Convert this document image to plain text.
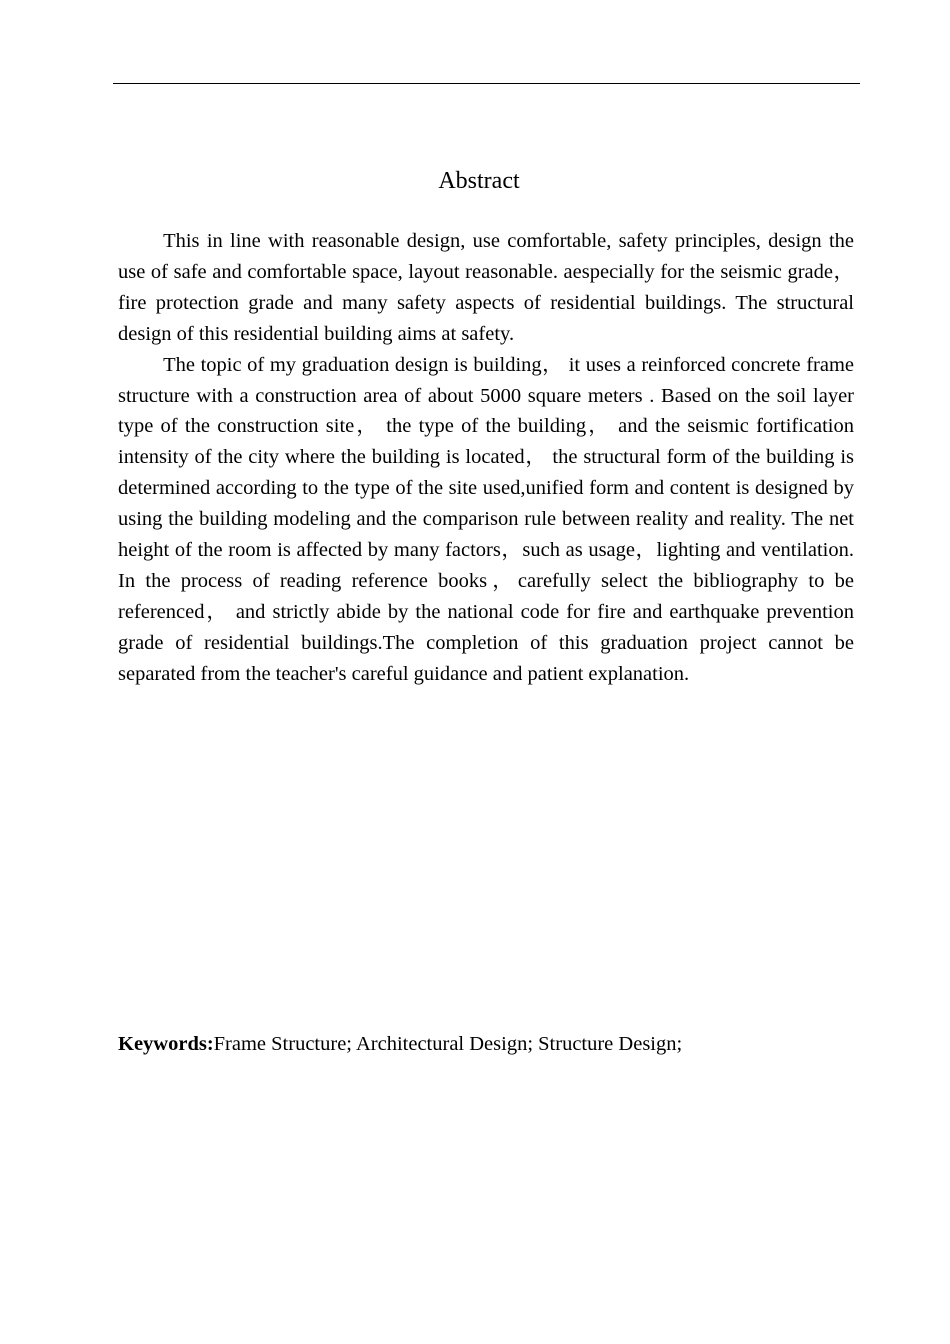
Abstract

This in line with reasonable design, use comfortable, safety principles, design the use of safe and comfortable space, layout reasonable. aespecially for the seismic grade， fire protection grade and many safety aspects of residential buildings. The structural design of this residential building aims at safety.

The topic of my graduation design is building， it uses a reinforced concrete frame structure with a construction area of about 5000 square meters . Based on the soil layer type of the construction site， the type of the building， and the seismic fortification intensity of the city where the building is located， the structural form of the building is determined according to the type of the site used,unified form and content is designed by using the building modeling and the comparison rule between reality and reality. The net height of the room is affected by many factors，such as usage，lighting and ventilation. In the process of reading reference books，carefully select the bibliography to be referenced， and strictly abide by the national code for fire and earthquake prevention grade of residential buildings.The completion of this graduation project cannot be separated from the teacher's careful guidance and patient explanation.

Keywords:Frame Structure; Architectural Design; Structure Design;
